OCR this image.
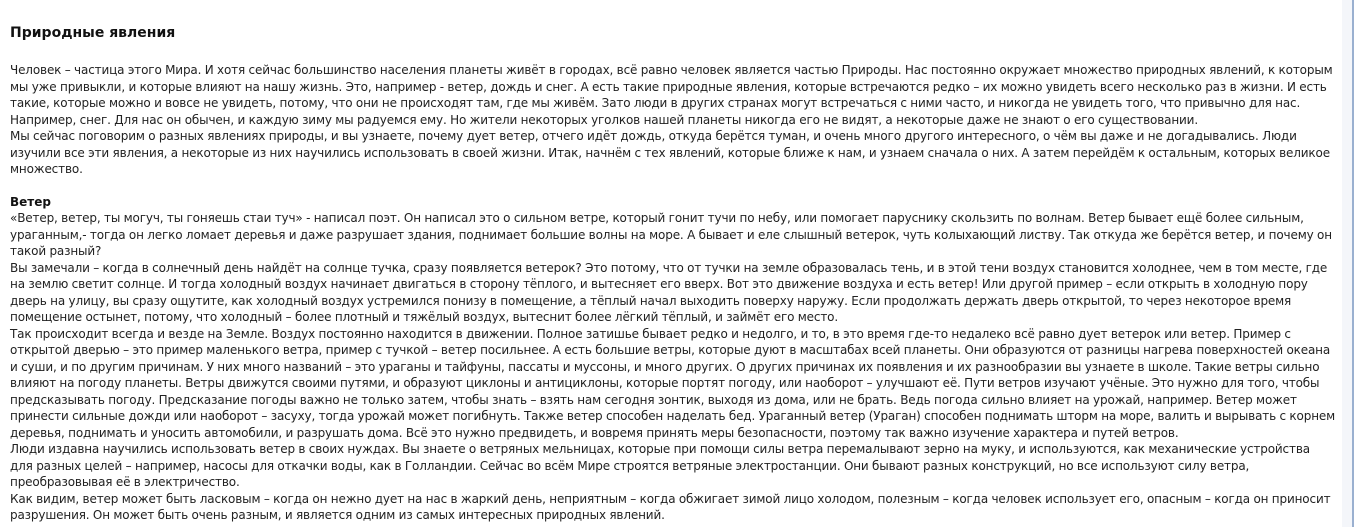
Природные явления

Человек – частица этого Мира. И хотя сейчас большинство населения планеты живёт в городах, всё равно человек является частью Природы. Нас постоянно окружает множество природных явлений, к которым мы уже привыкли, и которые влияют на нашу жизнь. Это, например - ветер, дождь и снег. А есть такие природные явления, которые встречаются редко – их можно увидеть всего несколько раз в жизни. И есть такие, которые можно и вовсе не увидеть, потому, что они не происходят там, где мы живём. Зато люди в других странах могут встречаться с ними часто, и никогда не увидеть того, что привычно для нас. Например, снег. Для нас он обычен, и каждую зиму мы радуемся ему. Но жители некоторых уголков нашей планеты никогда его не видят, а некоторые даже не знают о его существовании.

Мы сейчас поговорим о разных явлениях природы, и вы узнаете, почему дует ветер, отчего идёт дождь, откуда берётся туман, и очень много другого интересного, о чём вы даже и не догадывались. Люди изучили все эти явления, а некоторые из них научились использовать в своей жизни. Итак, начнём с тех явлений, которые ближе к нам, и узнаем сначала о них. А затем перейдём к остальным, которых великое множество.

Ветер

«Ветер, ветер, ты могуч, ты гоняешь стаи туч» - написал поэт. Он написал это о сильном ветре, который гонит тучи по небу, или помогает паруснику скользить по волнам. Ветер бывает ещё более сильным, ураганным,- тогда он легко ломает деревья и даже разрушает здания, поднимает большие волны на море. А бывает и еле слышный ветерок, чуть колыхающий листву. Так откуда же берётся ветер, и почему он такой разный?

Вы замечали – когда в солнечный день найдёт на солнце тучка, сразу появляется ветерок? Это потому, что от тучки на земле образовалась тень, и в этой тени воздух становится холоднее, чем в том месте, где на землю светит солнце. И тогда холодный воздух начинает двигаться в сторону тёплого, и вытесняет его вверх. Вот это движение воздуха и есть ветер! Или другой пример – если открыть в холодную пору дверь на улицу, вы сразу ощутите, как холодный воздух устремился понизу в помещение, а тёплый начал выходить поверху наружу. Если продолжать держать дверь открытой, то через некоторое время помещение остынет, потому, что холодный – более плотный и тяжёлый воздух, вытеснит более лёгкий тёплый, и займёт его место.

Так происходит всегда и везде на Земле. Воздух постоянно находится в движении. Полное затишье бывает редко и недолго, и то, в это время где-то недалеко всё равно дует ветерок или ветер. Пример с открытой дверью – это пример маленького ветра, пример с тучкой – ветер посильнее. А есть большие ветры, которые дуют в масштабах всей планеты. Они образуются от разницы нагрева поверхностей океана и суши, и по другим причинам. У них много названий – это ураганы и тайфуны, пассаты и муссоны, и много других. О других причинах их появления и их разнообразии вы узнаете в школе. Такие ветры сильно влияют на погоду планеты. Ветры движутся своими путями, и образуют циклоны и антициклоны, которые портят погоду, или наоборот – улучшают её. Пути ветров изучают учёные. Это нужно для того, чтобы предсказывать погоду. Предсказание погоды важно не только затем, чтобы знать – взять нам сегодня зонтик, выходя из дома, или не брать. Ведь погода сильно влияет на урожай, например. Ветер может принести сильные дожди или наоборот – засуху, тогда урожай может погибнуть. Также ветер способен наделать бед. Ураганный ветер (Ураган) способен поднимать шторм на море, валить и вырывать с корнем деревья, поднимать и уносить автомобили, и разрушать дома. Всё это нужно предвидеть, и вовремя принять меры безопасности, поэтому так важно изучение характера и путей ветров.

Люди издавна научились использовать ветер в своих нуждах. Вы знаете о ветряных мельницах, которые при помощи силы ветра перемалывают зерно на муку, и используются, как механические устройства для разных целей – например, насосы для откачки воды, как в Голландии. Сейчас во всём Мире строятся ветряные электростанции. Они бывают разных конструкций, но все используют силу ветра, преобразовывая её в электричество.

Как видим, ветер может быть ласковым – когда он нежно дует на нас в жаркий день, неприятным – когда обжигает зимой лицо холодом, полезным – когда человек использует его, опасным – когда он приносит разрушения. Он может быть очень разным, и является одним из самых интересных природных явлений.
